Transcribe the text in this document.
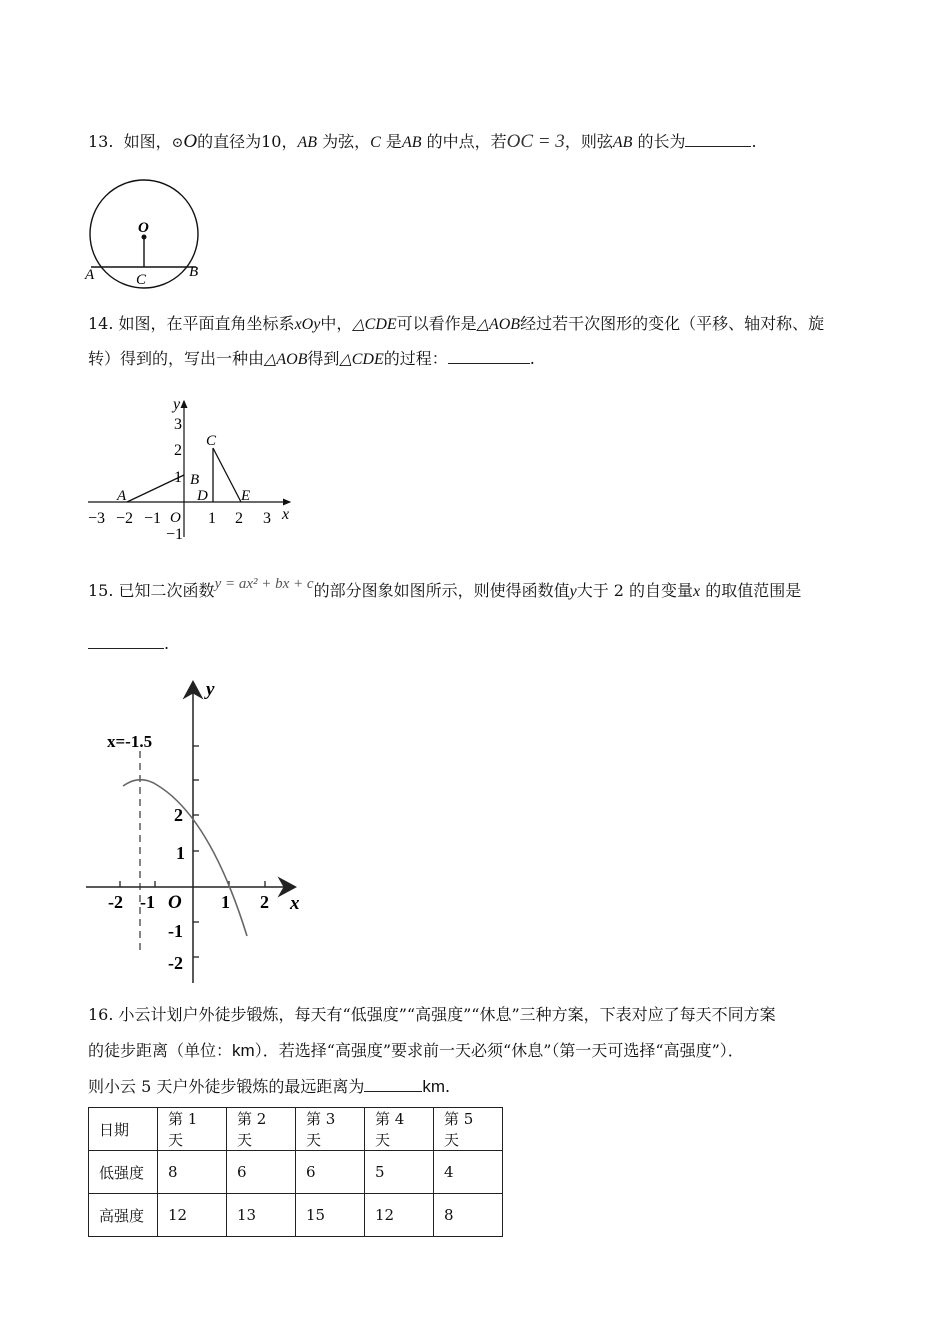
13. 如图，⊙O的直径为10，AB 为弦，C 是AB 的中点，若OC = 3，则弦AB 的长为	.
O
A	B
C
14. 如图，在平面直角坐标系xOy中，△CDE可以看作是△AOB经过若干次图形的变化（平移、轴对称、旋
转）得到的，写出一种由△AOB得到△CDE的过程：	.
y
x
O
−3 −2 −1	1 2 3
3
2
1
−1
A
B
C
D E
15. 已知二次函数y = ax² + bx + c的部分图象如图所示，则使得函数值y大于 2 的自变量x 的取值范围是
.
x=-1.5
y
x
O
-2 -1	1 2
2
1
-1
-2
16. 小云计划户外徒步锻炼，每天有“低强度”“高强度”“休息”三种方案，下表对应了每天不同方案
的徒步距离（单位：km）．若选择“高强度”要求前一天必须“休息”（第一天可选择“高强度”）．
则小云 5 天户外徒步锻炼的最远距离为	km.
日期	第 1 天	第 2 天	第 3 天	第 4 天	第 5 天
低强度	8	6	6	5	4
高强度	12	13	15	12	8
